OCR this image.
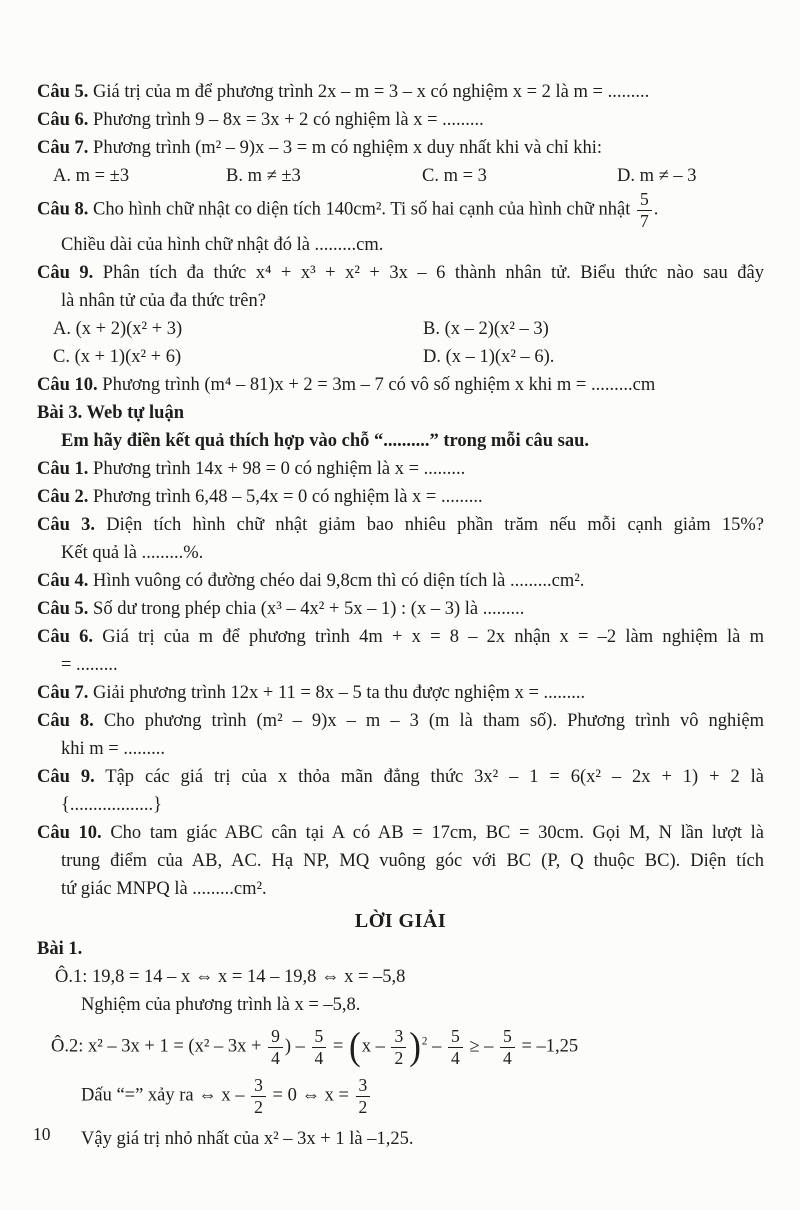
Câu 5. Giá trị của m để phương trình 2x – m = 3 – x có nghiệm x = 2 là m = .........
Câu 6. Phương trình 9 – 8x = 3x + 2 có nghiệm là x = .........
Câu 7. Phương trình (m² – 9)x – 3 = m có nghiệm x duy nhất khi và chỉ khi:
A. m = ±3	B. m ≠ ±3	C. m = 3	D. m ≠ – 3
Câu 8. Cho hình chữ nhật co diện tích 140cm². Ti số hai cạnh của hình chữ nhật $\frac{5}{7}$ .
Chiều dài của hình chữ nhật đó là .........cm.
Câu 9. Phân tích đa thức x⁴ + x³ + x² + 3x – 6 thành nhân tử. Biểu thức nào sau đây
là nhân tử của đa thức trên?
A. (x + 2)(x² + 3)	B. (x – 2)(x² – 3)
C. (x + 1)(x² + 6)	D. (x – 1)(x² – 6).
Câu 10. Phương trình (m⁴ – 81)x + 2 = 3m – 7 có vô số nghiệm x khi m = .........cm
Bài 3. Web tự luận
Em hãy điền kết quả thích hợp vào chỗ “..........” trong mỗi câu sau.
Câu 1. Phương trình 14x + 98 = 0 có nghiệm là x = .........
Câu 2. Phương trình 6,48 – 5,4x = 0 có nghiệm là x = .........
Câu 3. Diện tích hình chữ nhật giảm bao nhiêu phần trăm nếu mỗi cạnh giảm 15%?
Kết quả là .........%.
Câu 4. Hình vuông có đường chéo dai 9,8cm thì có diện tích là .........cm².
Câu 5. Số dư trong phép chia (x³ – 4x² + 5x – 1) : (x – 3) là .........
Câu 6. Giá trị của m để phương trình 4m + x = 8 – 2x nhận x = –2 làm nghiệm là m
= .........
Câu 7. Giải phương trình 12x + 11 = 8x – 5 ta thu được nghiệm x = .........
Câu 8. Cho phương trình (m² – 9)x – m – 3 (m là tham số). Phương trình vô nghiệm
khi m = .........
Câu 9. Tập các giá trị của x thỏa mãn đẳng thức 3x² – 1 = 6(x² – 2x + 1) + 2 là
{..................}
Câu 10. Cho tam giác ABC cân tại A có AB = 17cm, BC = 30cm. Gọi M, N lần lượt là
trung điểm của AB, AC. Hạ NP, MQ vuông góc với BC (P, Q thuộc BC). Diện tích
tứ giác MNPQ là .........cm².
LỜI GIẢI
Bài 1.
Ô.1: 19,8 = 14 – x ⇔ x = 14 – 19,8 ⇔ x = –5,8
Nghiệm của phương trình là x = –5,8.
Ô.2: $x^2 - 3x + 1 = (x^2 - 3x + \frac{9}{4}$ ) – $\frac{5}{4} = (x - \frac{3}{2} )^2 - \frac{5}{4}$ ≥ – $\frac{5}{4} = -1,25$
Dấu “=” xảy ra ⇔ $x - \frac{3}{2} = 0$ ⇔ $x = \frac{3}{2}$
Vậy giá trị nhỏ nhất của x² – 3x + 1 là –1,25.
10
